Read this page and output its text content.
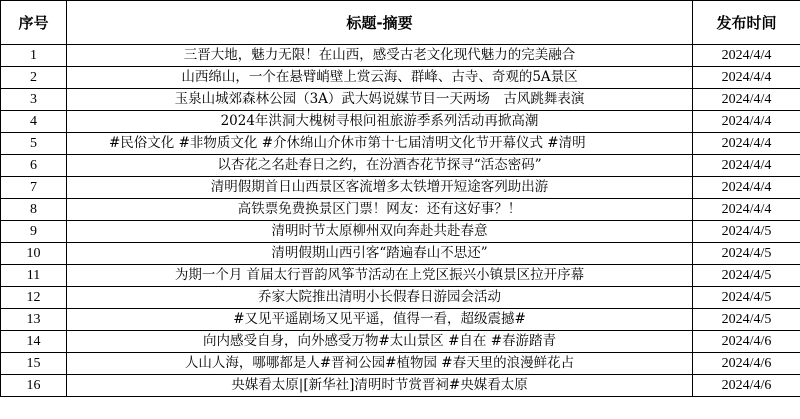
序号	标题-摘要	发布时间
1	三晋大地，魅力无限！在山西，感受古老文化现代魅力的完美融合	2024/4/4
2	山西绵山，一个在悬臂峭壁上赏云海、群峰、古寺、奇观的5A景区	2024/4/4
3	玉泉山城郊森林公园（3A）武大妈说媒节目一天两场　古风跳舞表演	2024/4/4
4	2024年洪洞大槐树寻根问祖旅游季系列活动再掀高潮	2024/4/4
5	#民俗文化 #非物质文化 #介休绵山介休市第十七届清明文化节开幕仪式 #清明	2024/4/4
6	以杏花之名赴春日之约，在汾酒杏花节探寻“活态密码”	2024/4/4
7	清明假期首日山西景区客流增多太铁增开短途客列助出游	2024/4/4
8	高铁票免费换景区门票！网友：还有这好事？！	2024/4/4
9	清明时节太原柳州双向奔赴共赴春意	2024/4/5
10	清明假期山西引客“踏遍春山不思还”	2024/4/5
11	为期一个月 首届太行晋韵风筝节活动在上党区振兴小镇景区拉开序幕	2024/4/5
12	乔家大院推出清明小长假春日游园会活动	2024/4/5
13	#又见平遥剧场又见平遥，值得一看，超级震撼#	2024/4/5
14	向内感受自身，向外感受万物#太山景区 #自在 #春游踏青	2024/4/6
15	人山人海，哪哪都是人#晋祠公园#植物园 #春天里的浪漫鲜花占	2024/4/6
16	央媒看太原|[新华社]清明时节赏晋祠#央媒看太原	2024/4/6
